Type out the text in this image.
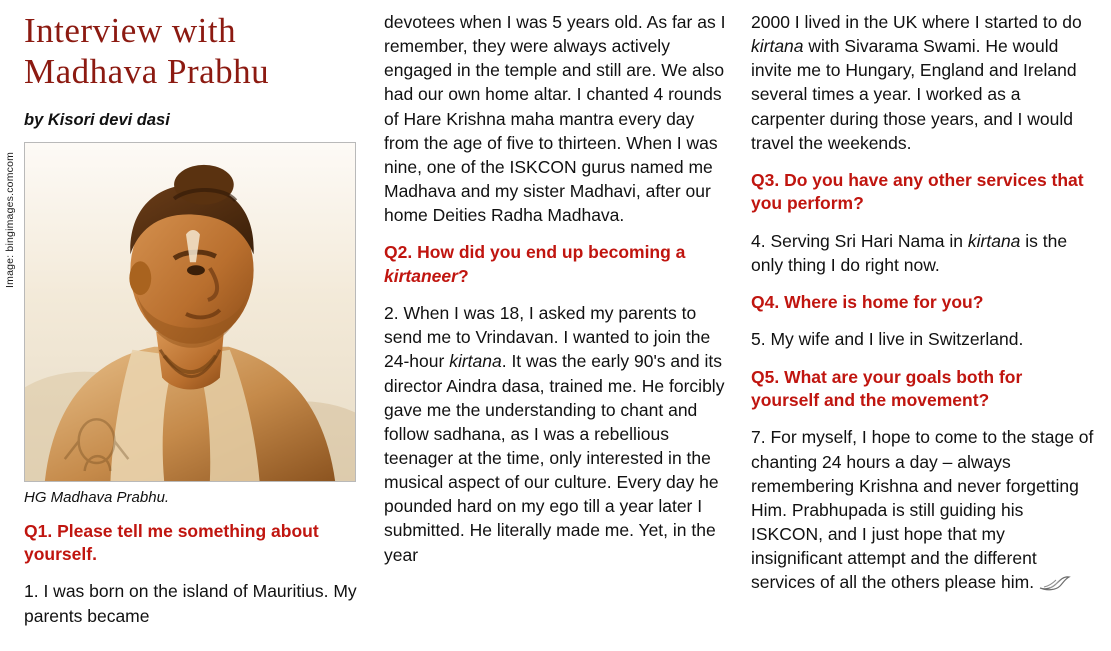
Interview with
Madhava Prabhu
by Kisori devi dasi
Image: bingimages.comcom
HG Madhava Prabhu.
Q1. Please tell me something about yourself.

1. I was born on the island of Mauritius. My parents became

devotees when I was 5 years old. As far as I remember, they were always actively engaged in the temple and still are. We also had our own home altar. I chanted 4 rounds of Hare Krishna maha mantra every day from the age of five to thirteen. When I was nine, one of the ISKCON gurus named me Madhava and my sister Madhavi, after our home Deities Radha Madhava.

Q2. How did you end up becoming a kirtaneer?

2. When I was 18, I asked my parents to send me to Vrindavan. I wanted to join the 24-hour kirtana. It was the early 90's and its director Aindra dasa, trained me. He forcibly gave me the understanding to chant and follow sadhana, as I was a rebellious teenager at the time, only interested in the musical aspect of our culture. Every day he pounded hard on my ego till a year later I submitted. He literally made me. Yet, in the year

2000 I lived in the UK where I started to do kirtana with Sivarama Swami. He would invite me to Hungary, England and Ireland several times a year. I worked as a carpenter during those years, and I would travel the weekends.

Q3. Do you have any other services that you perform?

4. Serving Sri Hari Nama in kirtana is the only thing I do right now.

Q4. Where is home for you?

5. My wife and I live in Switzerland.

Q5. What are your goals both for yourself and the movement?

7. For myself, I hope to come to the stage of chanting 24 hours a day – always remembering Krishna and never forgetting Him. Prabhupada is still guiding his ISKCON, and I just hope that my insignificant attempt and the different services of all the others please him.
